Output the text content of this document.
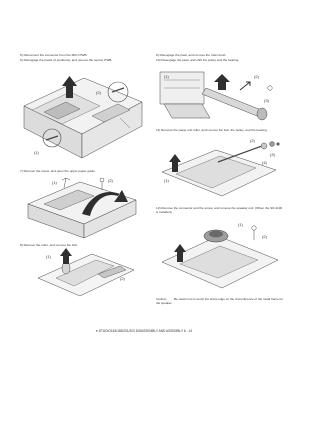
5) Disconnect the connector from the MCU PWB.
6) Disengage the pawls (2 positions), and remove the sensor PWB.
7) Remove the screw, and open the upper paper guide.
8) Remove the roller, and remove the belt.
9) Disengage the pawl, and remove the roller knob.
10) Disengage the pawl, and shift the pulley and the bearing.
11) Remove the paper exit roller, and remove the belt, the pulley, and the bearing.
12) Remove the connector and the screw, and remove the speaker unit. (When the SD-1190 is installed)
Caution: Be careful not to touch the sharp edge on the circumference of the metal frame for the speaker.
(1)
(2)
(1)	(2)
(1)
(2)
(1)	(2)
(3)
(1)
(2)
(3)
(4)
(1)
(2)
e-STUDIO163/165/201/203 DISASSEMBLY AND ASSEMBLY 6 - 14
